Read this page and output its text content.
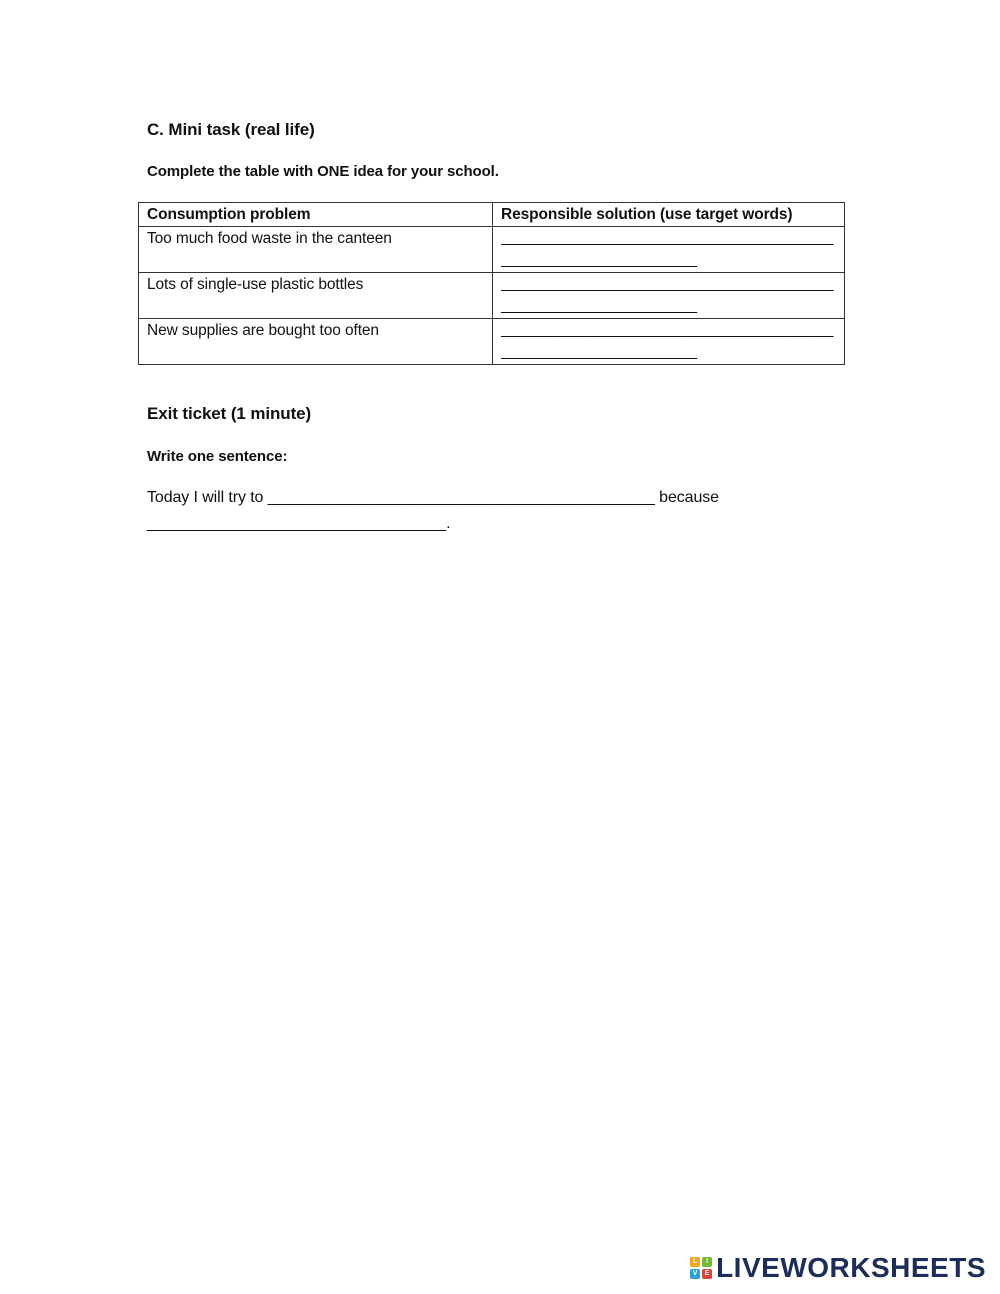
C. Mini task (real life)
Complete the table with ONE idea for your school.
Consumption problem	Responsible solution (use target words)
Too much food waste in the canteen	_______________________________________
_______________________

Lots of single-use plastic bottles	_______________________________________
_______________________

New supplies are bought too often	_______________________________________
_______________________
Exit ticket (1 minute)
Write one sentence:
Today I will try to ____________________________________________ because
__________________________________.
L	I
V	E LIVEWORKSHEETS
